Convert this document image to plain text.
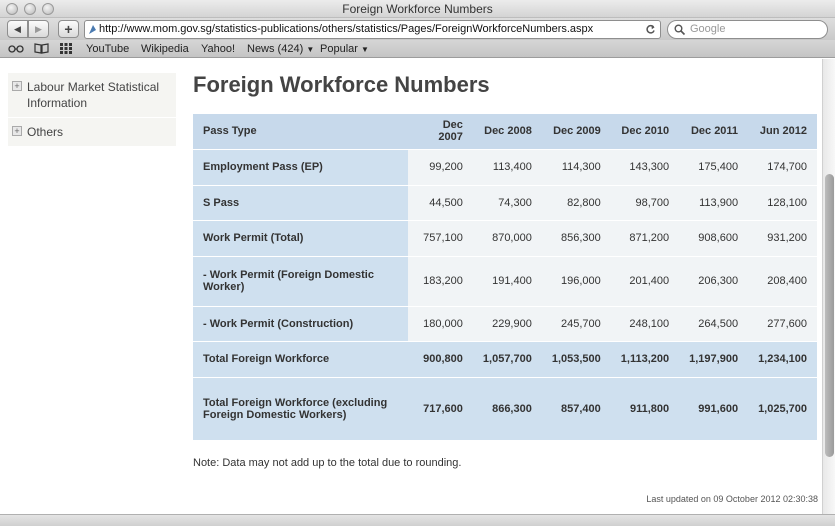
Foreign Workforce Numbers
◀	▶	+	http://www.mom.gov.sg/statistics-publications/others/statistics/Pages/ForeignWorkforceNumbers.aspx	Google
YouTube Wikipedia Yahoo! News (424) ▼ Popular ▼
+ Labour Market Statistical Information
+ Others
Foreign Workforce Numbers
Pass Type	Dec 2007	Dec 2008	Dec 2009	Dec 2010	Dec 2011	Jun 2012
Employment Pass (EP)	99,200	113,400	114,300	143,300	175,400	174,700
S Pass	44,500	74,300	82,800	98,700	113,900	128,100
Work Permit (Total)	757,100	870,000	856,300	871,200	908,600	931,200
- Work Permit (Foreign Domestic Worker)	183,200	191,400	196,000	201,400	206,300	208,400
- Work Permit (Construction)	180,000	229,900	245,700	248,100	264,500	277,600
Total Foreign Workforce	900,800	1,057,700	1,053,500	1,113,200	1,197,900	1,234,100
Total Foreign Workforce (excluding Foreign Domestic Workers)	717,600	866,300	857,400	911,800	991,600	1,025,700
Note: Data may not add up to the total due to rounding.
Last updated on 09 October 2012 02:30:38
